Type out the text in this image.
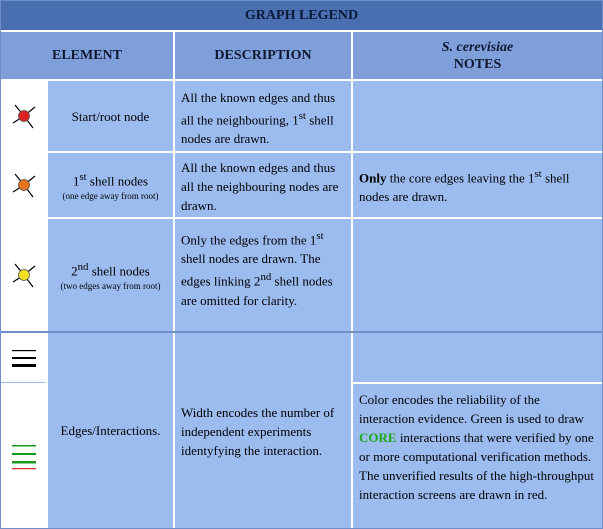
GRAPH LEGEND
ELEMENT	DESCRIPTION
S. cerevisiae
NOTES
Start/root node
All the known edges and thus all the neighbouring, 1st shell nodes are drawn.
1st shell nodes
(one edge away from root)
All the known edges and thus all the neighbouring nodes are drawn.
Only the core edges leaving the 1st shell nodes are drawn.
2nd shell nodes
(two edges away from root)
Only the edges from the 1st shell nodes are drawn. The edges linking 2nd shell nodes are omitted for clarity.
Edges/Interactions.
Width encodes the number of independent experiments identyfying the interaction.
Color encodes the reliability of the interaction evidence. Green is used to draw CORE interactions that were verified by one or more computational verification methods. The unverified results of the high-throughput interaction screens are drawn in red.
